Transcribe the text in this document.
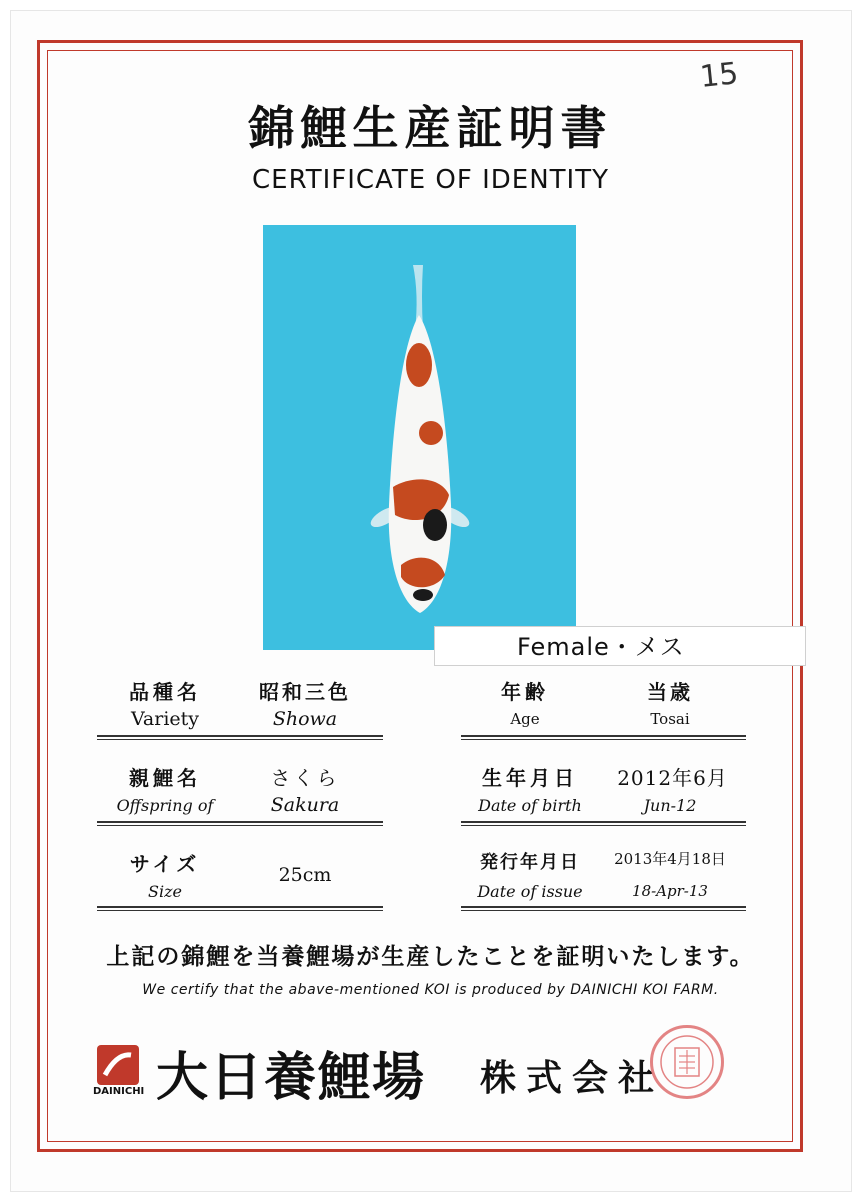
15
錦鯉生産証明書
CERTIFICATE OF IDENTITY
Female・メス
品種名
Variety
昭和三色
Showa
年齢
Age
当歳
Tosai
親鯉名
Offspring of
さくら
Sakura
生年月日
Date of birth
2012年6月
Jun-12
サイズ
Size
25cm
発行年月日
Date of issue
2013年4月18日
18-Apr-13
上記の錦鯉を当養鯉場が生産したことを証明いたします。
We certify that the abave-mentioned KOI is produced by DAINICHI KOI FARM.
DAINICHI 大日養鯉場 株式会社
